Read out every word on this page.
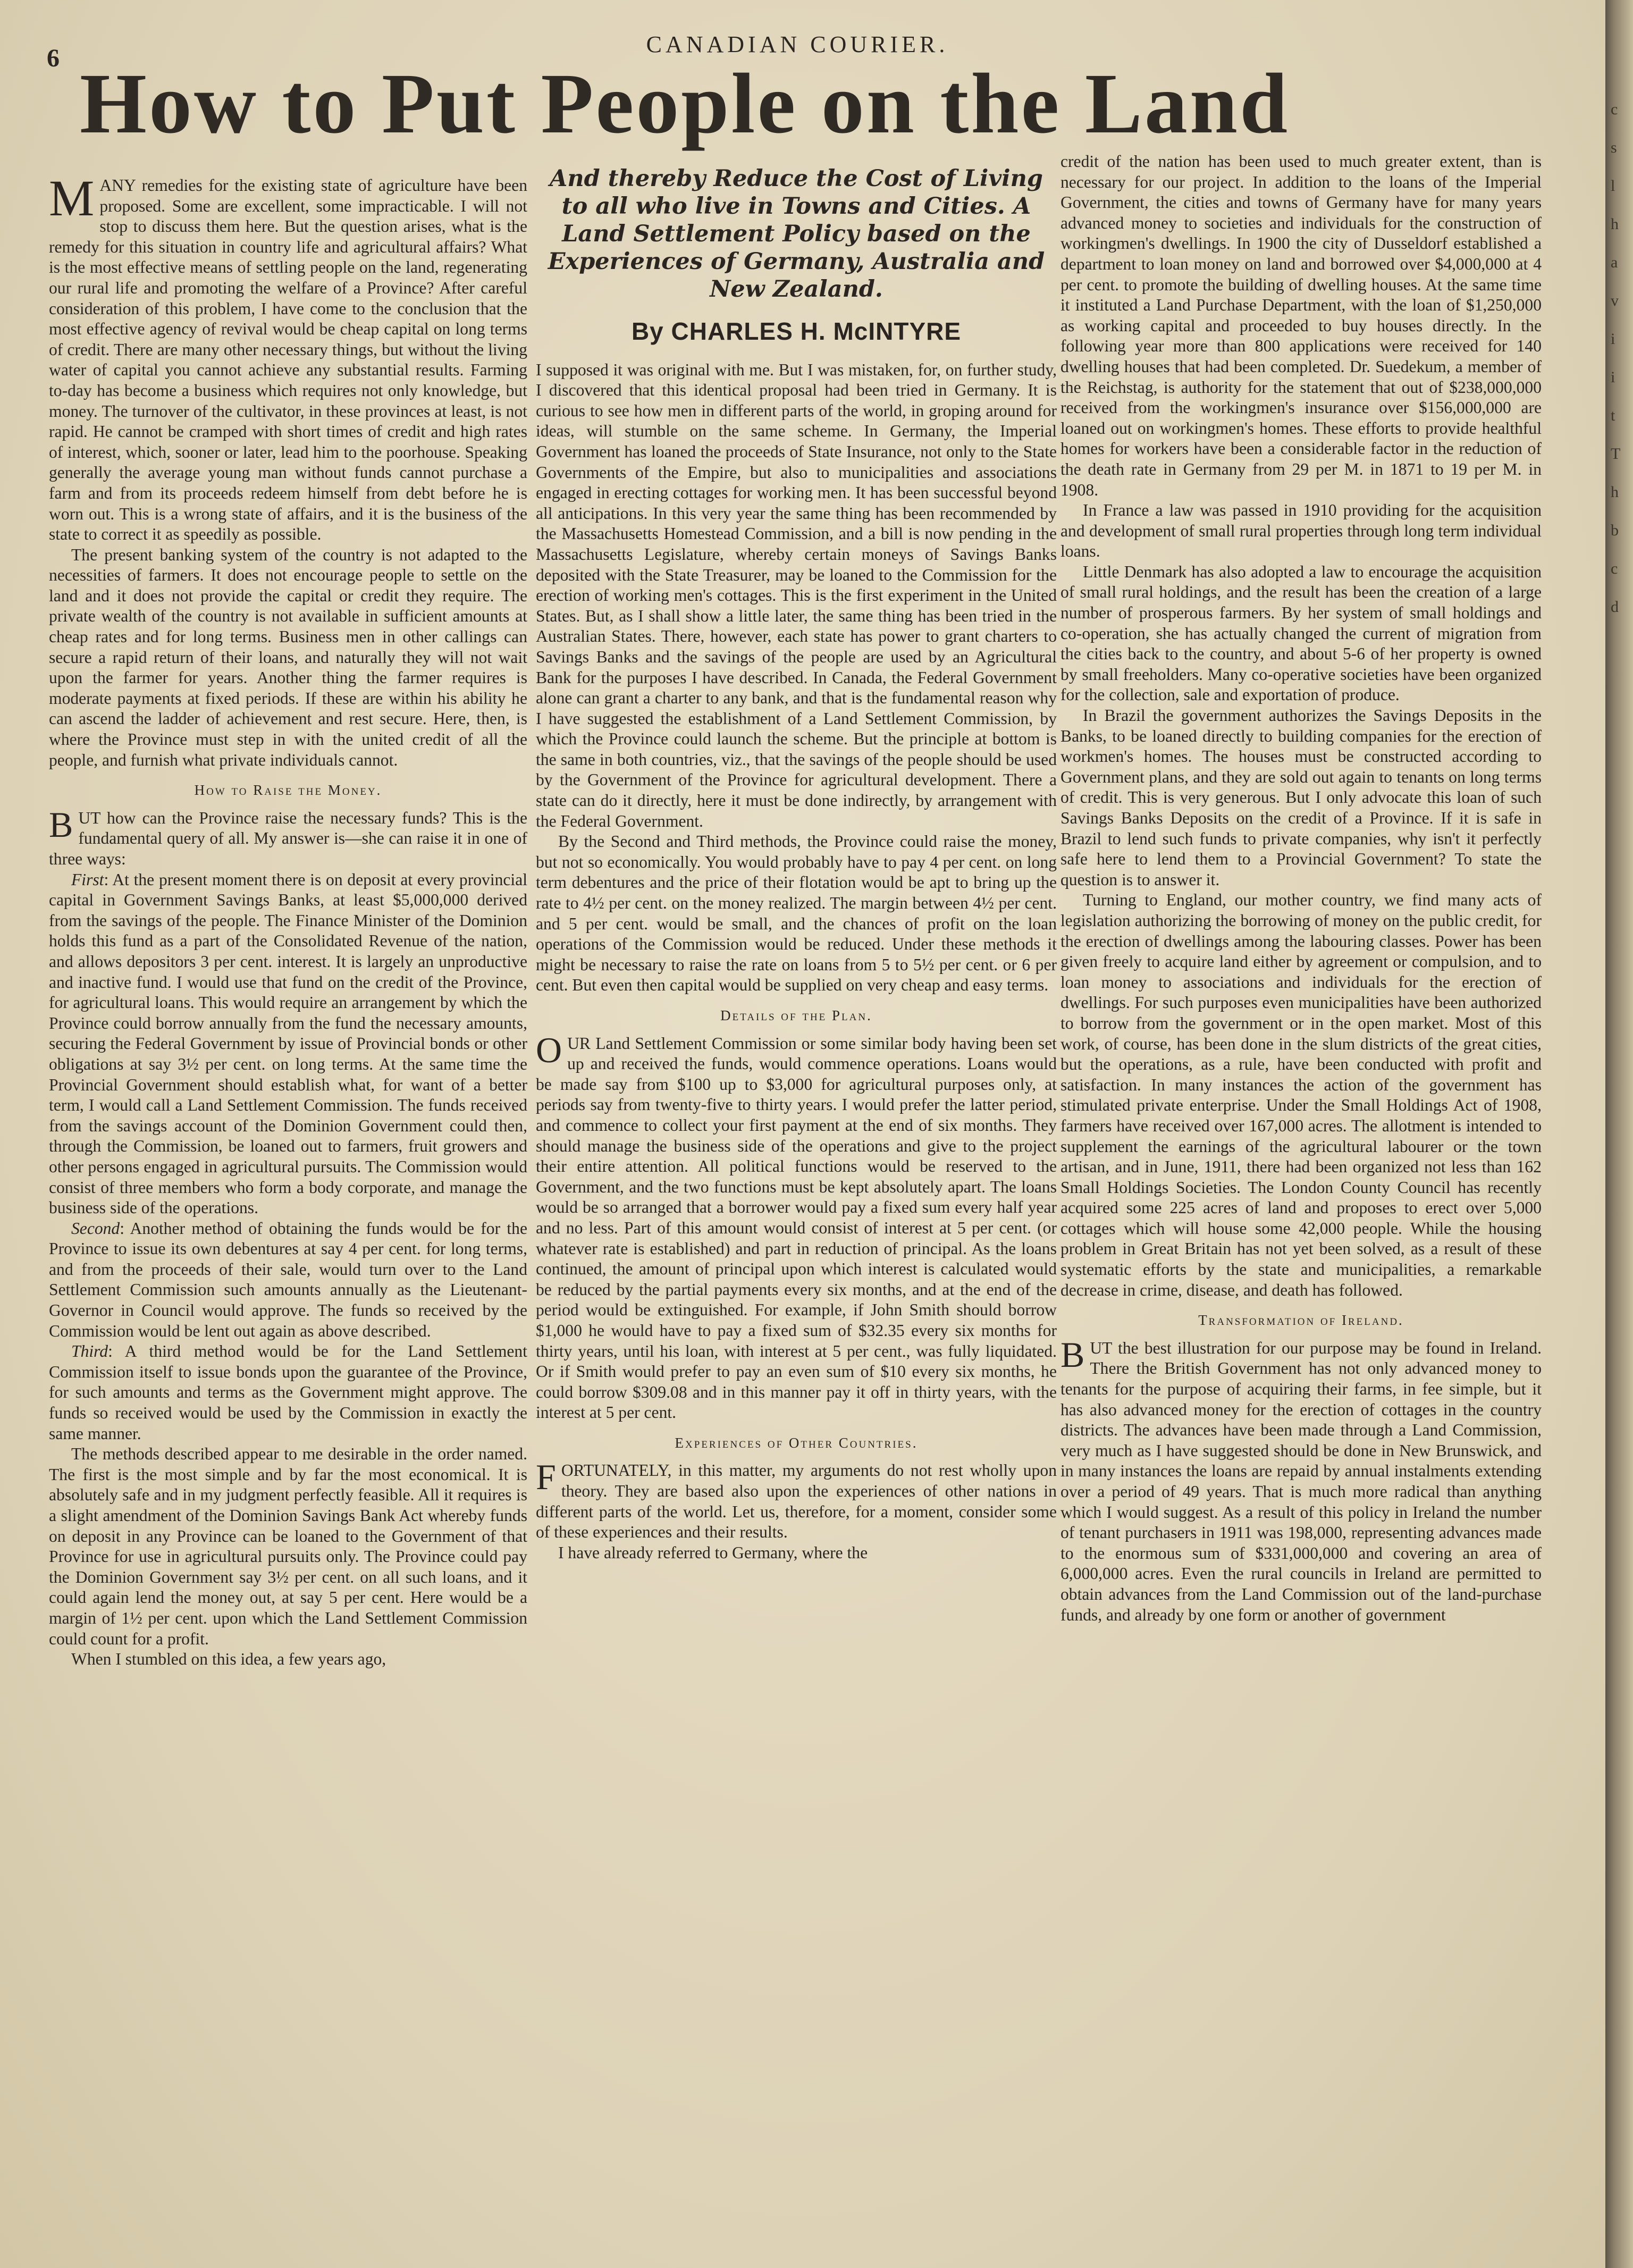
6	CANADIAN COURIER.
How to Put People on the Land

MANY remedies for the existing state of agriculture have been proposed. Some are excellent, some impracticable. I will not stop to discuss them here. But the question arises, what is the remedy for this situation in country life and agricultural affairs? What is the most effective means of settling people on the land, regenerating our rural life and promoting the welfare of a Province? After careful consideration of this problem, I have come to the conclusion that the most effective agency of revival would be cheap capital on long terms of credit. There are many other necessary things, but without the living water of capital you cannot achieve any substantial results. Farming to-day has become a business which requires not only knowledge, but money. The turnover of the cultivator, in these provinces at least, is not rapid. He cannot be cramped with short times of credit and high rates of interest, which, sooner or later, lead him to the poorhouse. Speaking generally the average young man without funds cannot purchase a farm and from its proceeds redeem himself from debt before he is worn out. This is a wrong state of affairs, and it is the business of the state to correct it as speedily as possible.

The present banking system of the country is not adapted to the necessities of farmers. It does not encourage people to settle on the land and it does not provide the capital or credit they require. The private wealth of the country is not available in sufficient amounts at cheap rates and for long terms. Business men in other callings can secure a rapid return of their loans, and naturally they will not wait upon the farmer for years. Another thing the farmer requires is moderate payments at fixed periods. If these are within his ability he can ascend the ladder of achievement and rest secure. Here, then, is where the Province must step in with the united credit of all the people, and furnish what private individuals cannot.

How to Raise the Money.

BUT how can the Province raise the necessary funds? This is the fundamental query of all. My answer is—she can raise it in one of three ways:

First: At the present moment there is on deposit at every provincial capital in Government Savings Banks, at least $5,000,000 derived from the savings of the people. The Finance Minister of the Dominion holds this fund as a part of the Consolidated Revenue of the nation, and allows depositors 3 per cent. interest. It is largely an unproductive and inactive fund. I would use that fund on the credit of the Province, for agricultural loans. This would require an arrangement by which the Province could borrow annually from the fund the necessary amounts, securing the Federal Government by issue of Provincial bonds or other obligations at say 3½ per cent. on long terms. At the same time the Provincial Government should establish what, for want of a better term, I would call a Land Settlement Commission. The funds received from the savings account of the Dominion Government could then, through the Commission, be loaned out to farmers, fruit growers and other persons engaged in agricultural pursuits. The Commission would consist of three members who form a body corporate, and manage the business side of the operations.

Second: Another method of obtaining the funds would be for the Province to issue its own debentures at say 4 per cent. for long terms, and from the proceeds of their sale, would turn over to the Land Settlement Commission such amounts annually as the Lieutenant-Governor in Council would approve. The funds so received by the Commission would be lent out again as above described.

Third: A third method would be for the Land Settlement Commission itself to issue bonds upon the guarantee of the Province, for such amounts and terms as the Government might approve. The funds so received would be used by the Commission in exactly the same manner.

The methods described appear to me desirable in the order named. The first is the most simple and by far the most economical. It is absolutely safe and in my judgment perfectly feasible. All it requires is a slight amendment of the Dominion Savings Bank Act whereby funds on deposit in any Province can be loaned to the Government of that Province for use in agricultural pursuits only. The Province could pay the Dominion Government say 3½ per cent. on all such loans, and it could again lend the money out, at say 5 per cent. Here would be a margin of 1½ per cent. upon which the Land Settlement Commission could count for a profit.

When I stumbled on this idea, a few years ago,

And thereby Reduce the Cost of Living to all who live in Towns and Cities. A Land Settlement Policy based on the Experiences of Germany, Australia and New Zealand.
By CHARLES H. McINTYRE

I supposed it was original with me. But I was mistaken, for, on further study, I discovered that this identical proposal had been tried in Germany. It is curious to see how men in different parts of the world, in groping around for ideas, will stumble on the same scheme. In Germany, the Imperial Government has loaned the proceeds of State Insurance, not only to the State Governments of the Empire, but also to municipalities and associations engaged in erecting cottages for working men. It has been successful beyond all anticipations. In this very year the same thing has been recommended by the Massachusetts Homestead Commission, and a bill is now pending in the Massachusetts Legislature, whereby certain moneys of Savings Banks deposited with the State Treasurer, may be loaned to the Commission for the erection of working men's cottages. This is the first experiment in the United States. But, as I shall show a little later, the same thing has been tried in the Australian States. There, however, each state has power to grant charters to Savings Banks and the savings of the people are used by an Agricultural Bank for the purposes I have described. In Canada, the Federal Government alone can grant a charter to any bank, and that is the fundamental reason why I have suggested the establishment of a Land Settlement Commission, by which the Province could launch the scheme. But the principle at bottom is the same in both countries, viz., that the savings of the people should be used by the Government of the Province for agricultural development. There a state can do it directly, here it must be done indirectly, by arrangement with the Federal Government.

By the Second and Third methods, the Province could raise the money, but not so economically. You would probably have to pay 4 per cent. on long term debentures and the price of their flotation would be apt to bring up the rate to 4½ per cent. on the money realized. The margin between 4½ per cent. and 5 per cent. would be small, and the chances of profit on the loan operations of the Commission would be reduced. Under these methods it might be necessary to raise the rate on loans from 5 to 5½ per cent. or 6 per cent. But even then capital would be supplied on very cheap and easy terms.

Details of the Plan.

OUR Land Settlement Commission or some similar body having been set up and received the funds, would commence operations. Loans would be made say from $100 up to $3,000 for agricultural purposes only, at periods say from twenty-five to thirty years. I would prefer the latter period, and commence to collect your first payment at the end of six months. They should manage the business side of the operations and give to the project their entire attention. All political functions would be reserved to the Government, and the two functions must be kept absolutely apart. The loans would be so arranged that a borrower would pay a fixed sum every half year and no less. Part of this amount would consist of interest at 5 per cent. (or whatever rate is established) and part in reduction of principal. As the loans continued, the amount of principal upon which interest is calculated would be reduced by the partial payments every six months, and at the end of the period would be extinguished. For example, if John Smith should borrow $1,000 he would have to pay a fixed sum of $32.35 every six months for thirty years, until his loan, with interest at 5 per cent., was fully liquidated. Or if Smith would prefer to pay an even sum of $10 every six months, he could borrow $309.08 and in this manner pay it off in thirty years, with the interest at 5 per cent.

Experiences of Other Countries.

FORTUNATELY, in this matter, my arguments do not rest wholly upon theory. They are based also upon the experiences of other nations in different parts of the world. Let us, therefore, for a moment, consider some of these experiences and their results.

I have already referred to Germany, where the

credit of the nation has been used to much greater extent, than is necessary for our project. In addition to the loans of the Imperial Government, the cities and towns of Germany have for many years advanced money to societies and individuals for the construction of workingmen's dwellings. In 1900 the city of Dusseldorf established a department to loan money on land and borrowed over $4,000,000 at 4 per cent. to promote the building of dwelling houses. At the same time it instituted a Land Purchase Department, with the loan of $1,250,000 as working capital and proceeded to buy houses directly. In the following year more than 800 applications were received for 140 dwelling houses that had been completed. Dr. Suedekum, a member of the Reichstag, is authority for the statement that out of $238,000,000 received from the workingmen's insurance over $156,000,000 are loaned out on workingmen's homes. These efforts to provide healthful homes for workers have been a considerable factor in the reduction of the death rate in Germany from 29 per M. in 1871 to 19 per M. in 1908.

In France a law was passed in 1910 providing for the acquisition and development of small rural properties through long term individual loans.

Little Denmark has also adopted a law to encourage the acquisition of small rural holdings, and the result has been the creation of a large number of prosperous farmers. By her system of small holdings and co-operation, she has actually changed the current of migration from the cities back to the country, and about 5-6 of her property is owned by small freeholders. Many co-operative societies have been organized for the collection, sale and exportation of produce.

In Brazil the government authorizes the Savings Deposits in the Banks, to be loaned directly to building companies for the erection of workmen's homes. The houses must be constructed according to Government plans, and they are sold out again to tenants on long terms of credit. This is very generous. But I only advocate this loan of such Savings Banks Deposits on the credit of a Province. If it is safe in Brazil to lend such funds to private companies, why isn't it perfectly safe here to lend them to a Provincial Government? To state the question is to answer it.

Turning to England, our mother country, we find many acts of legislation authorizing the borrowing of money on the public credit, for the erection of dwellings among the labouring classes. Power has been given freely to acquire land either by agreement or compulsion, and to loan money to associations and individuals for the erection of dwellings. For such purposes even municipalities have been authorized to borrow from the government or in the open market. Most of this work, of course, has been done in the slum districts of the great cities, but the operations, as a rule, have been conducted with profit and satisfaction. In many instances the action of the government has stimulated private enterprise. Under the Small Holdings Act of 1908, farmers have received over 167,000 acres. The allotment is intended to supplement the earnings of the agricultural labourer or the town artisan, and in June, 1911, there had been organized not less than 162 Small Holdings Societies. The London County Council has recently acquired some 225 acres of land and proposes to erect over 5,000 cottages which will house some 42,000 people. While the housing problem in Great Britain has not yet been solved, as a result of these systematic efforts by the state and municipalities, a remarkable decrease in crime, disease, and death has followed.

Transformation of Ireland.

BUT the best illustration for our purpose may be found in Ireland. There the British Government has not only advanced money to tenants for the purpose of acquiring their farms, in fee simple, but it has also advanced money for the erection of cottages in the country districts. The advances have been made through a Land Commission, very much as I have suggested should be done in New Brunswick, and in many instances the loans are repaid by annual instalments extending over a period of 49 years. That is much more radical than anything which I would suggest. As a result of this policy in Ireland the number of tenant purchasers in 1911 was 198,000, representing advances made to the enormous sum of $331,000,000 and covering an area of 6,000,000 acres. Even the rural councils in Ireland are permitted to obtain advances from the Land Commission out of the land-purchase funds, and already by one form or another of government

c
s
l
h
a
v
i
i
t
T
h
b
c
d
